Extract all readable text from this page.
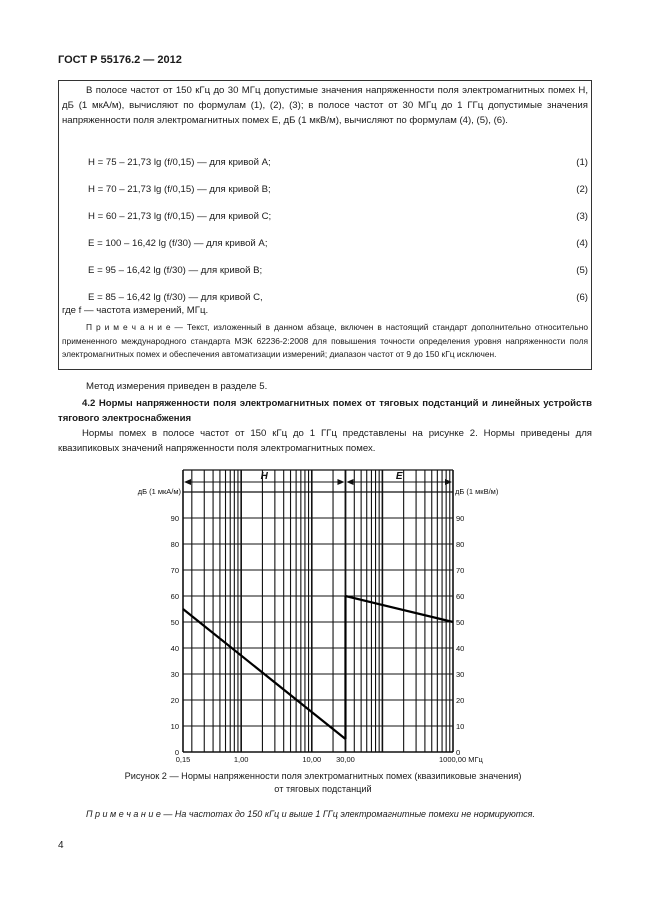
ГОСТ Р 55176.2 — 2012
В полосе частот от 150 кГц до 30 МГц допустимые значения напряженности поля электромагнитных помех H, дБ (1 мкА/м), вычисляют по формулам (1), (2), (3); в полосе частот от 30 МГц до 1 ГГц допустимые значения напряженности поля электромагнитных помех E, дБ (1 мкВ/м), вычисляют по формулам (4), (5), (6).
H = 75 – 21,73 lg (f/0,15) — для кривой A;	(1)
H = 70 – 21,73 lg (f/0,15) — для кривой B;	(2)
H = 60 – 21,73 lg (f/0,15) — для кривой C;	(3)
E = 100 – 16,42 lg (f/30) — для кривой A;	(4)
E = 95 – 16,42 lg (f/30) — для кривой B;	(5)
E = 85 – 16,42 lg (f/30) — для кривой C,	(6)
где f — частота измерений, МГц.
П р и м е ч а н и е — Текст, изложенный в данном абзаце, включен в настоящий стандарт дополнительно относительно примененного международного стандарта МЭК 62236-2:2008 для повышения точности определения уровня напряженности поля электромагнитных помех и обеспечения автоматизации измерений; диапазон частот от 9 до 150 кГц исключен.
Метод измерения приведен в разделе 5.
4.2 Нормы напряженности поля электромагнитных помех от тяговых подстанций и линейных устройств тягового электроснабжения
Нормы помех в полосе частот от 150 кГц до 1 ГГц представлены на рисунке 2. Нормы приведены для квазипиковых значений напряженности поля электромагнитных помех.
H	E
дБ (1 мкА/м)	дБ (1 мкВ/м)
0	0
10	10
20	20
30	30
40	40
50	50
60	60
70	70
80	80
90	90
0,15	1,00	10,00 30,00	1000,00 МГц
Рисунок 2 — Нормы напряженности поля электромагнитных помех (квазипиковые значения)
от тяговых подстанций
П р и м е ч а н и е — На частотах до 150 кГц и выше 1 ГГц электромагнитные помехи не нормируются.
4
